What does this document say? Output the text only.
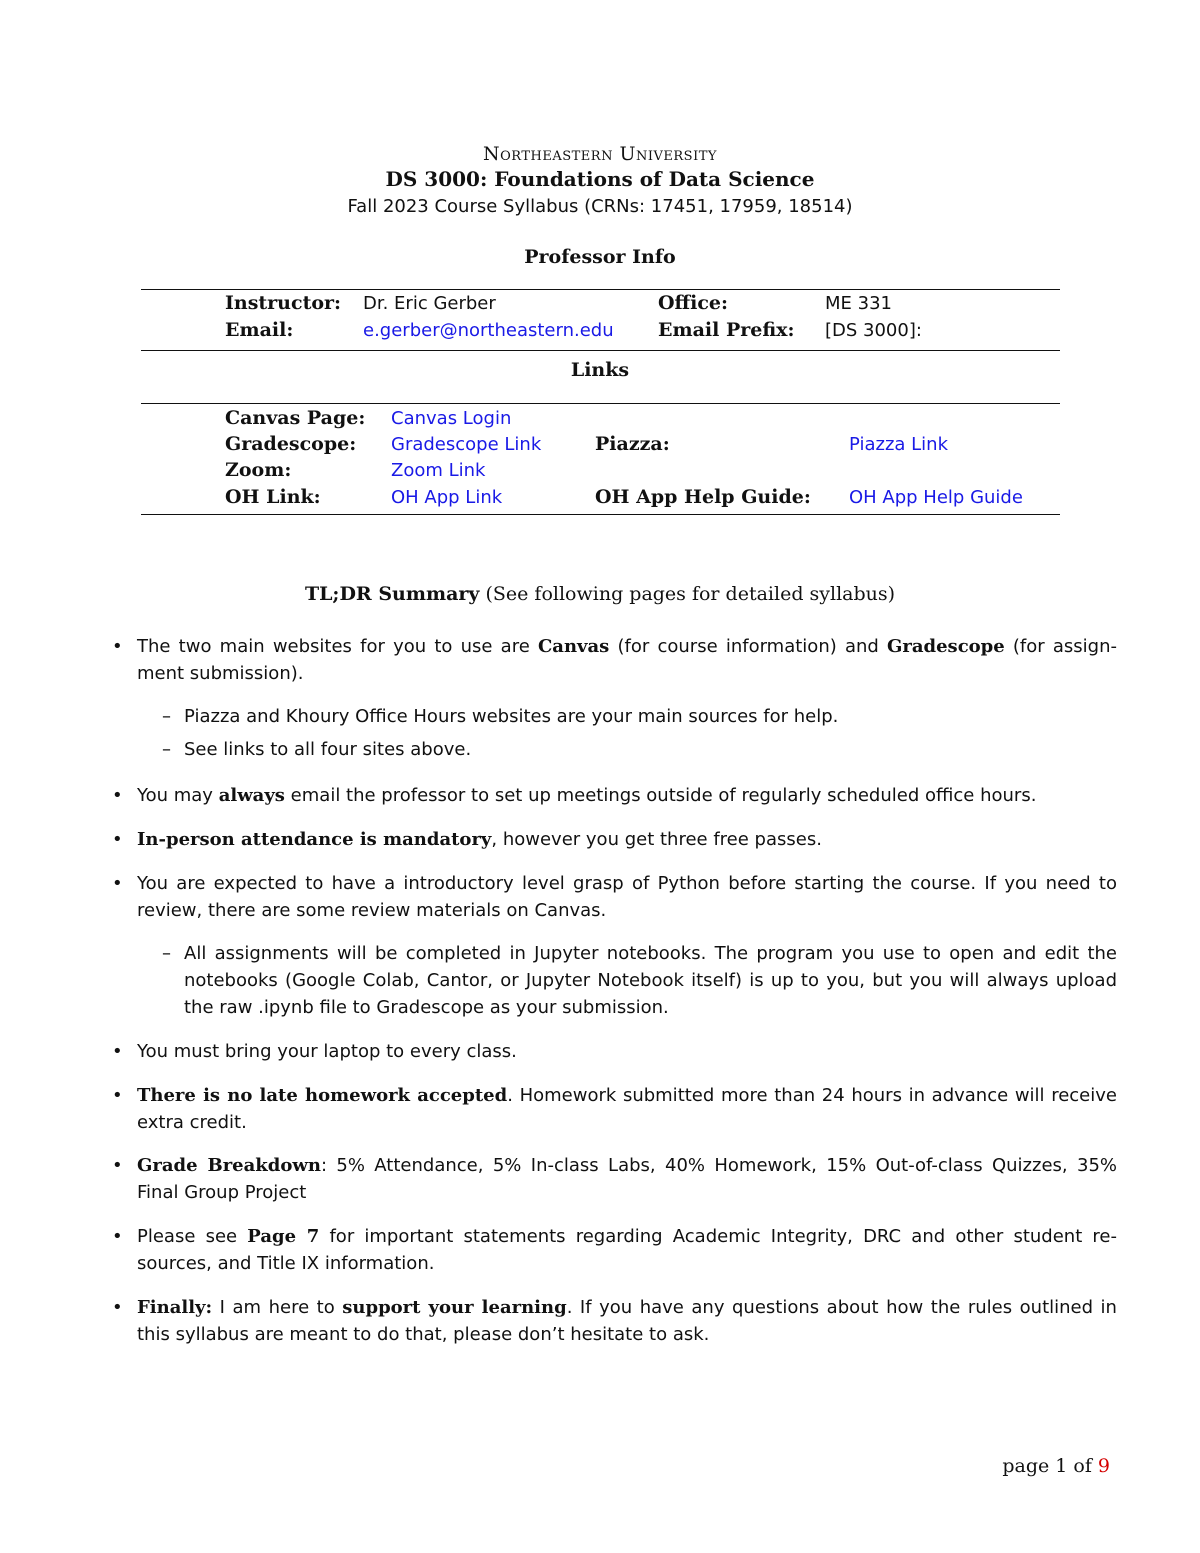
Northeastern University
DS 3000: Foundations of Data Science
Fall 2023 Course Syllabus (CRNs: 17451, 17959, 18514)
Professor Info
Instructor: Dr. Eric Gerber	Office:	ME 331
Email:	e.gerber@northeastern.edu Email Prefix: [DS 3000]:
Links
Canvas Page: Canvas Login
Gradescope: Gradescope Link	Piazza:	Piazza Link
Zoom:	Zoom Link
OH Link:	OH App Link	OH App Help Guide: OH App Help Guide
TL;DR Summary (See following pages for detailed syllabus)
• The two main websites for you to use are Canvas (for course information) and Gradescope (for assign-ment submission).
– Piazza and Khoury Office Hours websites are your main sources for help.
– See links to all four sites above.
• You may always email the professor to set up meetings outside of regularly scheduled office hours.
• In-person attendance is mandatory, however you get three free passes.
• You are expected to have a introductory level grasp of Python before starting the course. If you need to review, there are some review materials on Canvas.
– All assignments will be completed in Jupyter notebooks. The program you use to open and edit the notebooks (Google Colab, Cantor, or Jupyter Notebook itself) is up to you, but you will always upload the raw .ipynb file to Gradescope as your submission.
• You must bring your laptop to every class.
• There is no late homework accepted. Homework submitted more than 24 hours in advance will receive extra credit.
• Grade Breakdown: 5% Attendance, 5% In-class Labs, 40% Homework, 15% Out-of-class Quizzes, 35% Final Group Project
• Please see Page 7 for important statements regarding Academic Integrity, DRC and other student re-sources, and Title IX information.
• Finally: I am here to support your learning. If you have any questions about how the rules outlined in this syllabus are meant to do that, please don’t hesitate to ask.
page 1 of 9
